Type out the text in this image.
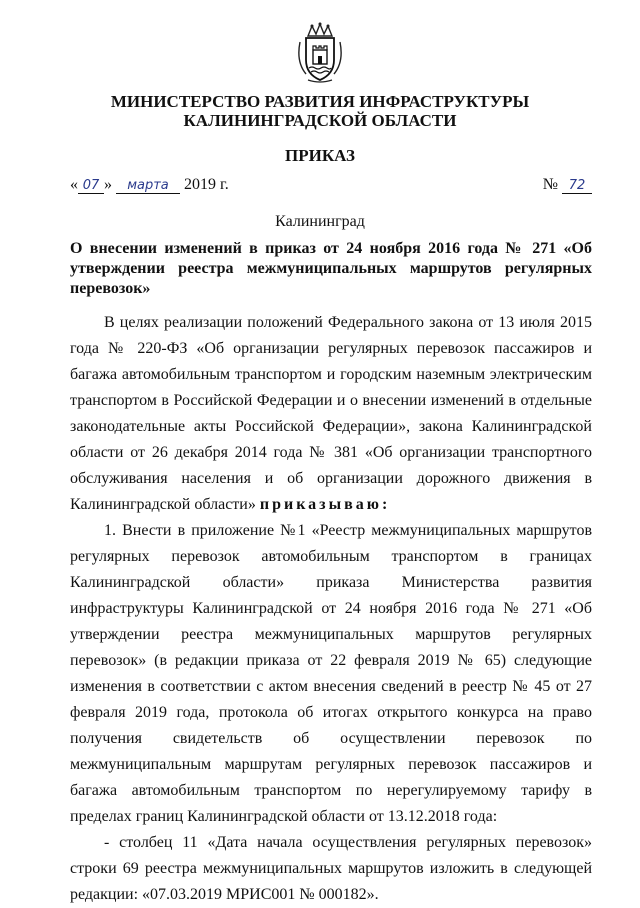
МИНИСТЕРСТВО РАЗВИТИЯ ИНФРАСТРУКТУРЫ
КАЛИНИНГРАДСКОЙ ОБЛАСТИ
ПРИКАЗ
« 07 » марта 2019 г.	№ 72
Калининград
О внесении изменений в приказ от 24 ноября 2016 года № 271 «Об утверждении реестра межмуниципальных маршрутов регулярных перевозок»

В целях реализации положений Федерального закона от 13 июля 2015 года № 220-ФЗ «Об организации регулярных перевозок пассажиров и багажа автомобильным транспортом и городским наземным электрическим транспортом в Российской Федерации и о внесении изменений в отдельные законодательные акты Российской Федерации», закона Калининградской области от 26 декабря 2014 года № 381 «Об организации транспортного обслуживания населения и об организации дорожного движения в Калининградской области» приказываю:

1. Внести в приложение №1 «Реестр межмуниципальных маршрутов регулярных перевозок автомобильным транспортом в границах Калининградской области» приказа Министерства развития инфраструктуры Калининградской от 24 ноября 2016 года № 271 «Об утверждении реестра межмуниципальных маршрутов регулярных перевозок» (в редакции приказа от 22 февраля 2019 № 65) следующие изменения в соответствии с актом внесения сведений в реестр № 45 от 27 февраля 2019 года, протокола об итогах открытого конкурса на право получения свидетельств об осуществлении перевозок по межмуниципальным маршрутам регулярных перевозок пассажиров и багажа автомобильным транспортом по нерегулируемому тарифу в пределах границ Калининградской области от 13.12.2018 года:

- столбец 11 «Дата начала осуществления регулярных перевозок» строки 69 реестра межмуниципальных маршрутов изложить в следующей редакции: «07.03.2019 МРИС001 № 000182».
